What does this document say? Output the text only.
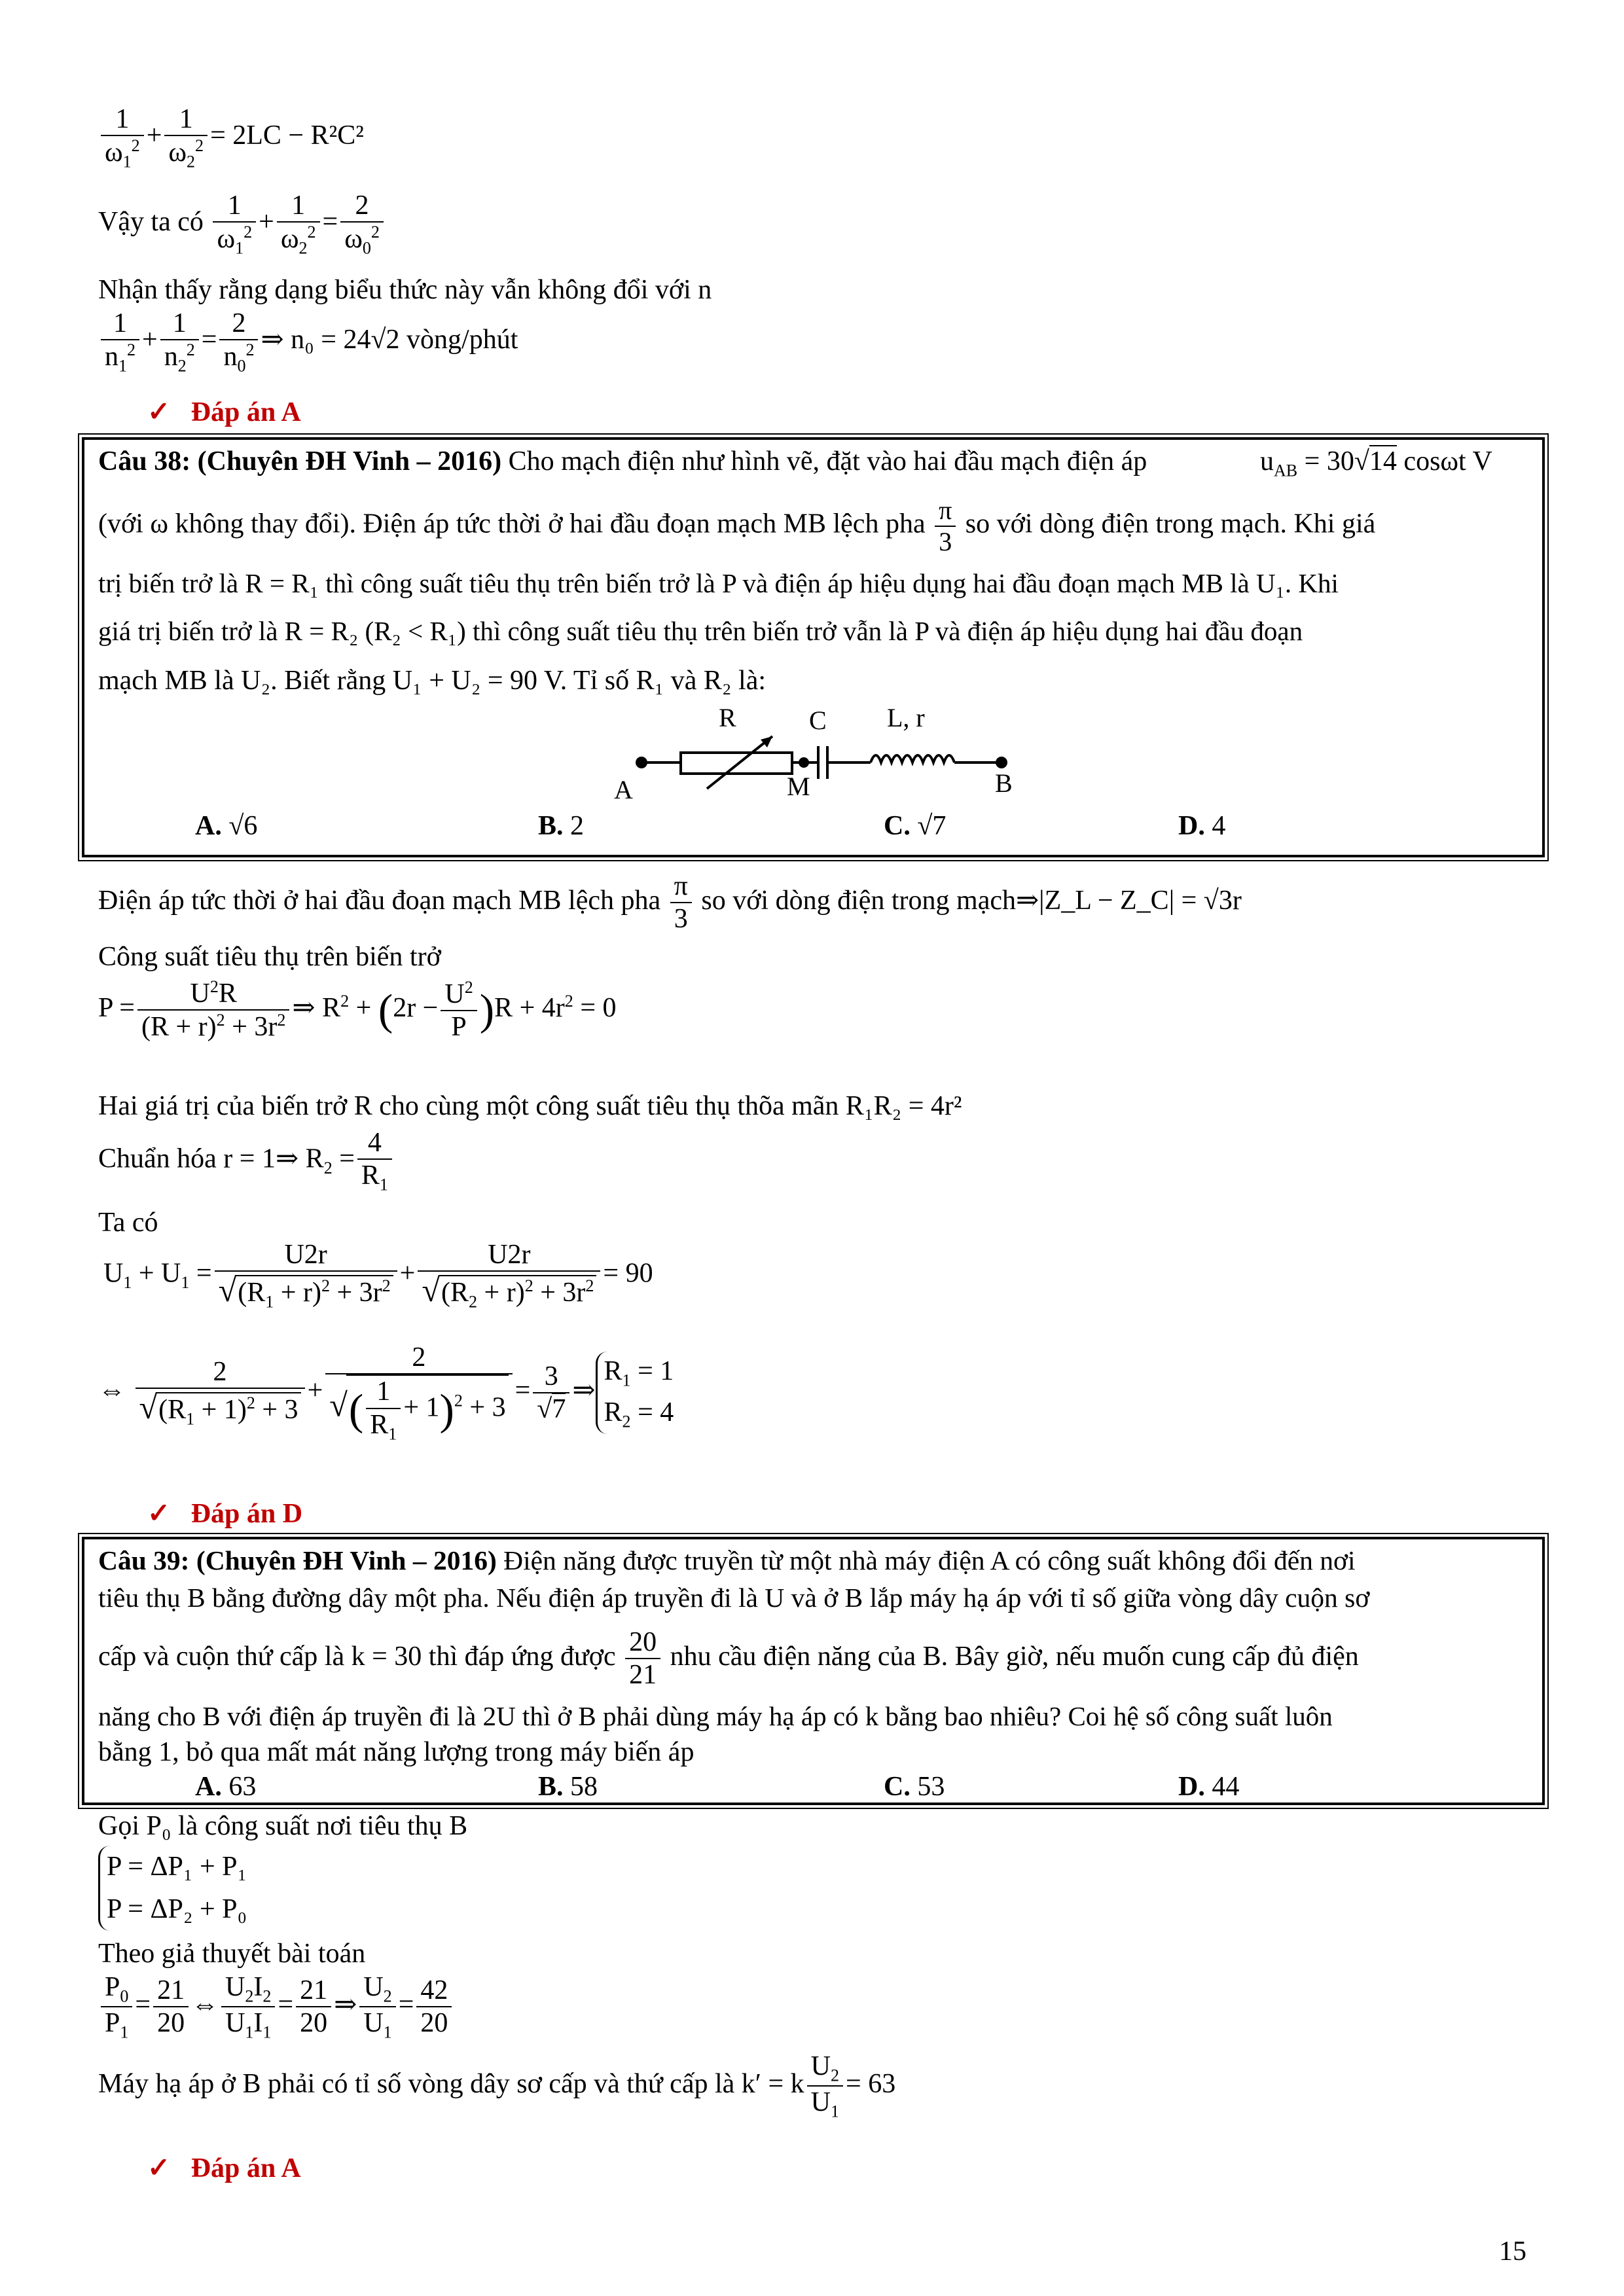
$\frac{1}{\omega_1^2} + \frac{1}{\omega_2^2} = 2LC - R^2C^2$
Vậy ta có $\frac{1}{\omega_1^2} + \frac{1}{\omega_2^2} = \frac{2}{\omega_0^2}$
Nhận thấy rằng dạng biểu thức này vẫn không đổi với n
$\frac{1}{n_1^2} + \frac{1}{n_2^2} = \frac{2}{n_0^2}$ ⇒ n₀ = 24√2 vòng/phút
✓ Đáp án A
Câu 38: (Chuyên ĐH Vinh – 2016) Cho mạch điện như hình vẽ, đặt vào hai đầu mạch điện áp	$u_{AB} = 30√14$ cosωt V
(với ω không thay đổi). Điện áp tức thời ở hai đầu đoạn mạch MB lệch pha $\frac{\pi}{3}$ so với dòng điện trong mạch. Khi giá
trị biến trở là R = R₁ thì công suất tiêu thụ trên biến trở là P và điện áp hiệu dụng hai đầu đoạn mạch MB là U₁. Khi
giá trị biến trở là R = R₂ (R₂ < R₁) thì công suất tiêu thụ trên biến trở vẫn là P và điện áp hiệu dụng hai đầu đoạn
mạch MB là U₂. Biết rằng U₁ + U₂ = 90 V. Tỉ số R₁ và R₂ là:
R	C L, r
A	M	B
A. √6	B. 2	C. √7	D. 4
Điện áp tức thời ở hai đầu đoạn mạch MB lệch pha $\frac{\pi}{3}$ so với dòng điện trong mạch⇒|Z_L − Z_C| = √3r
Công suất tiêu thụ trên biến trở
$P = \frac{U^2R}{(R + r)^2 + 3r^2}$ ⇒ $R^2 + (2r - \frac{U^2}{P} )R + 4r^2 = 0$
Hai giá trị của biến trở R cho cùng một công suất tiêu thụ thõa mãn R₁R₂ = 4r²
Chuẩn hóa r = 1⇒ $R_2 = \frac{4}{R_1}$
Ta có
$U_1 + U_1 = \frac{U2r}{√(R_1 + r)^2 + 3r^2} + \frac{U2r}{√(R_2 + r)^2 + 3r^2} = 90$
⇔ $\frac{2}{√(R_1 + 1)^2 + 3} + \frac{2}{√( \frac{1}{R_1} + 1)^2 + 3} = \frac{3}{√7}$ $\Rightarrow R_1 = 1$
$R_2 = 4$
✓ Đáp án D
Câu 39: (Chuyên ĐH Vinh – 2016) Điện năng được truyền từ một nhà máy điện A có công suất không đổi đến nơi
tiêu thụ B bằng đường dây một pha. Nếu điện áp truyền đi là U và ở B lắp máy hạ áp với tỉ số giữa vòng dây cuộn sơ
cấp và cuộn thứ cấp là k = 30 thì đáp ứng được $\frac{20}{21}$ nhu cầu điện năng của B. Bây giờ, nếu muốn cung cấp đủ điện
năng cho B với điện áp truyền đi là 2U thì ở B phải dùng máy hạ áp có k bằng bao nhiêu? Coi hệ số công suất luôn
bằng 1, bỏ qua mất mát năng lượng trong máy biến áp
A. 63	B. 58	C. 53	D. 44
Gọi P₀ là công suất nơi tiêu thụ B
P = ΔP₁ + P₁
P = ΔP₂ + P₀
Theo giả thuyết bài toán
$\frac{P_0}{P_1} = \frac{21}{20}$ ⇔ $\frac{U_2I_2}{U_1I_1} = \frac{21}{20}$ ⇒ $\frac{U_2}{U_1} = \frac{42}{20}$
Máy hạ áp ở B phải có tỉ số vòng dây sơ cấp và thứ cấp là k′ = k $\frac{U_2}{U_1} = 63$
✓ Đáp án A
15
